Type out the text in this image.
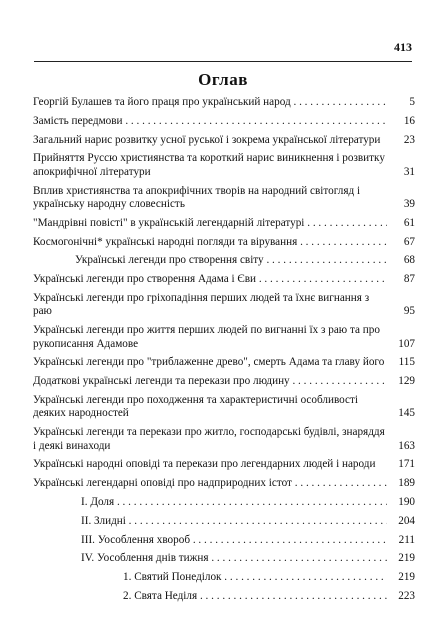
413
Оглав
Георгій Булашев та його праця про український народ . . .	5
Замість передмови . . .	16
Загальний нарис розвитку усної руської і зокрема української літератури	23
Прийняття Руссю християнства та короткий нарис виникнення і розвитку апокрифічної літератури	31
Вплив християнства та апокрифічних творів на народний світогляд і українську народну словесність	39
"Мандрівні повісті" в українській легендарній літературі . . .	61
Космогонічні* українські народні погляди та вірування . . .	67
Українські легенди про створення світу . . .	68
Українські легенди про створення Адама і Єви . . .	87
Українські легенди про гріхопадіння перших людей та їхнє вигнання з раю	95
Українські легенди про життя перших людей по вигнанні їх з раю та про рукописання Адамове	107
Українські легенди про "триблаженне древо", смерть Адама та главу його	115
Додаткові українські легенди та перекази про людину . . .	129
Українські легенди про походження та характеристичні особливості деяких народностей	145
Українські легенди та перекази про житло, господарські будівлі, знаряддя і деякі винаходи	163
Українські народні оповіді та перекази про легендарних людей і народи	171
Українські легендарні оповіді про надприродних істот . . .	189
І. Доля . . .	190
ІІ. Злидні . . .	204
ІІІ. Уособлення хвороб . . .	211
ІV. Уособлення днів тижня . . .	219
1. Святий Понеділок . . .	219
2. Свята Неділя . . .	223
